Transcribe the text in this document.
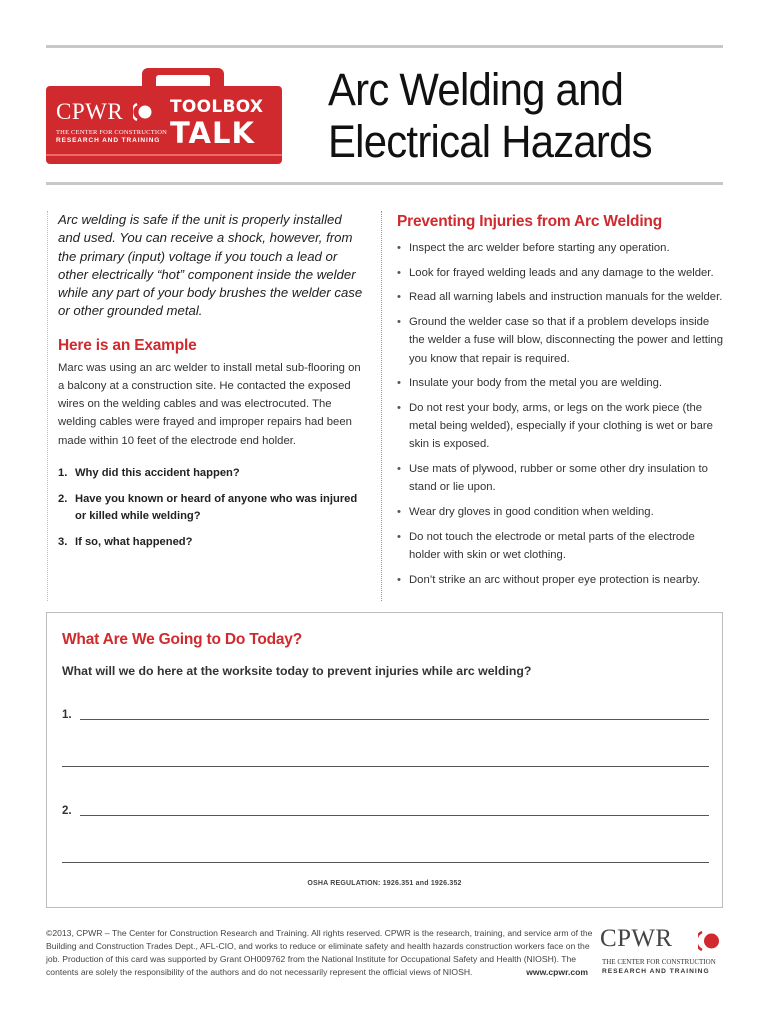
CPWR
THE CENTER FOR CONSTRUCTION
RESEARCH AND TRAINING
TOOLBOX
TALK
Arc Welding and
Electrical Hazards

Arc welding is safe if the unit is properly installed and used. You can receive a shock, however, from the primary (input) voltage if you touch a lead or other electrically “hot” component inside the welder while any part of your body brushes the welder case or other grounded metal.

Here is an Example

Marc was using an arc welder to install metal sub-flooring on a balcony at a construction site. He contacted the exposed wires on the welding cables and was electrocuted. The welding cables were frayed and improper repairs had been made within 10 feet of the electrode end holder.

1. Why did this accident happen?
2. Have you known or heard of anyone who was injured or killed while welding?
3. If so, what happened?
Preventing Injuries from Arc Welding
• Inspect the arc welder before starting any operation.
• Look for frayed welding leads and any damage to the welder.
• Read all warning labels and instruction manuals for the welder.
• Ground the welder case so that if a problem develops inside the welder a fuse will blow, disconnecting the power and letting you know that repair is required.
• Insulate your body from the metal you are welding.
• Do not rest your body, arms, or legs on the work piece (the metal being welded), especially if your clothing is wet or bare skin is exposed.
• Use mats of plywood, rubber or some other dry insulation to stand or lie upon.
• Wear dry gloves in good condition when welding.
• Do not touch the electrode or metal parts of the electrode holder with skin or wet clothing.
• Don’t strike an arc without proper eye protection is nearby.
What Are We Going to Do Today?

What will we do here at the worksite today to prevent injuries while arc welding?

1.
2.
OSHA REGULATION: 1926.351 and 1926.352
©2013, CPWR – The Center for Construction Research and Training. All rights reserved. CPWR is the research, training, and service arm of the Building and Construction Trades Dept., AFL-CIO, and works to reduce or eliminate safety and health hazards construction workers face on the job. Production of this card was supported by Grant OH009762 from the National Institute for Occupational Safety and Health (NIOSH). The contents are solely the responsibility of the authors and do not necessarily represent the official views of NIOSH.	www.cpwr.com
CPWR
THE CENTER FOR CONSTRUCTION
RESEARCH AND TRAINING
